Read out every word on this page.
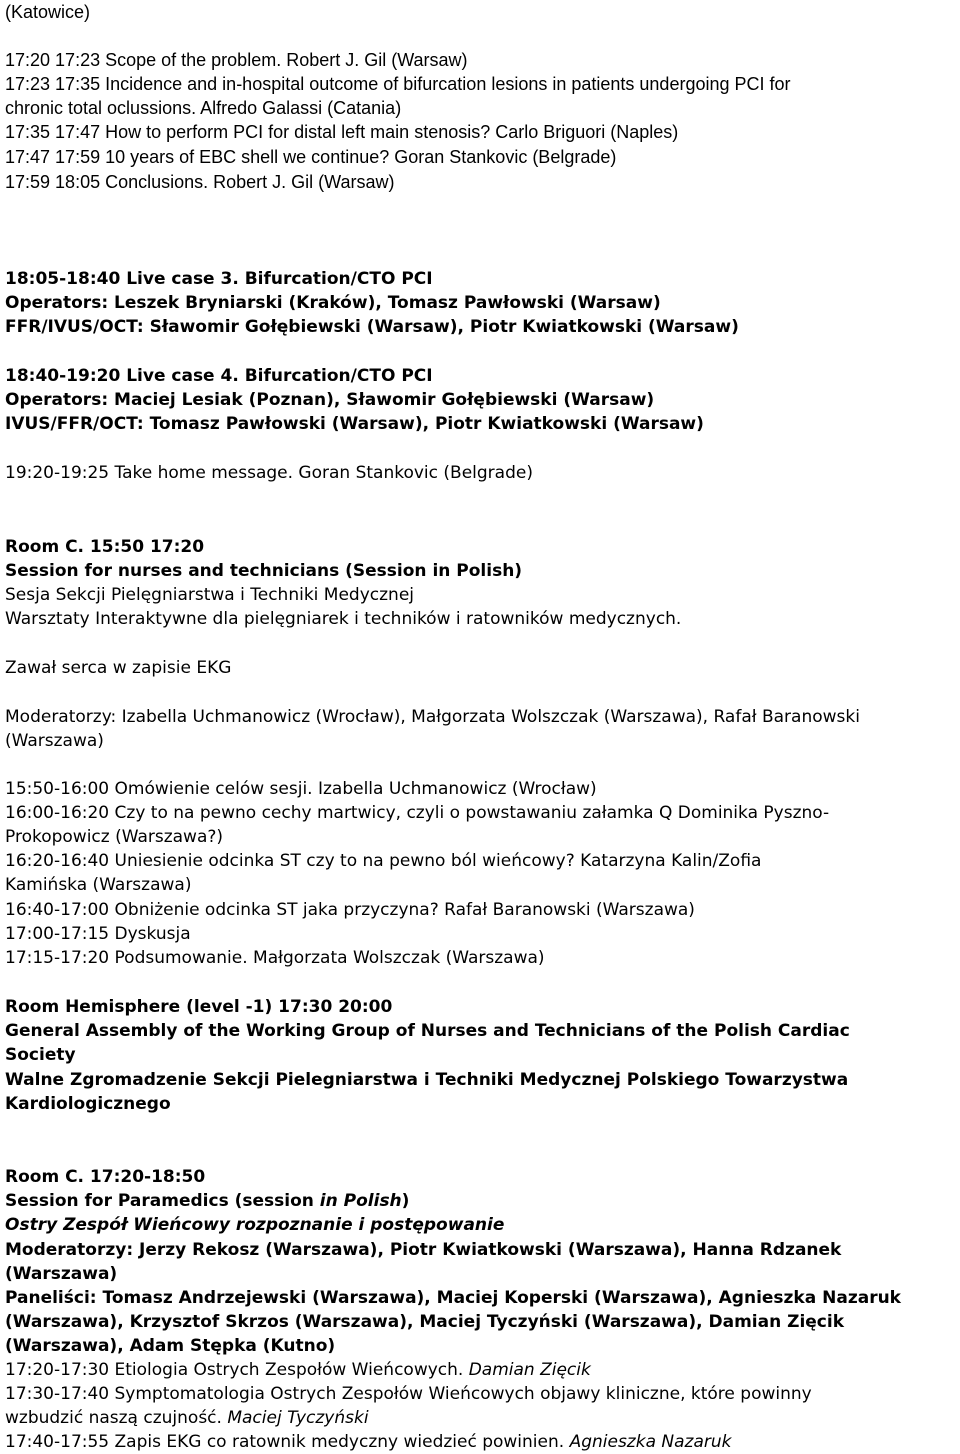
(Katowice)
17:20 17:23 Scope of the problem. Robert J. Gil (Warsaw)
17:23 17:35 Incidence and in-hospital outcome of bifurcation lesions in patients undergoing PCI for
chronic total oclussions. Alfredo Galassi (Catania)
17:35 17:47 How to perform PCI for distal left main stenosis? Carlo Briguori (Naples)
17:47 17:59 10 years of EBC shell we continue? Goran Stankovic (Belgrade)
17:59 18:05 Conclusions. Robert J. Gil (Warsaw)
18:05-18:40 Live case 3. Bifurcation/CTO PCI
Operators: Leszek Bryniarski (Kraków), Tomasz Pawłowski (Warsaw)
FFR/IVUS/OCT: Sławomir Gołębiewski (Warsaw), Piotr Kwiatkowski (Warsaw)
18:40-19:20 Live case 4. Bifurcation/CTO PCI
Operators: Maciej Lesiak (Poznan), Sławomir Gołębiewski (Warsaw)
IVUS/FFR/OCT: Tomasz Pawłowski (Warsaw), Piotr Kwiatkowski (Warsaw)
19:20-19:25 Take home message. Goran Stankovic (Belgrade)
Room C. 15:50 17:20
Session for nurses and technicians (Session in Polish)
Sesja Sekcji Pielęgniarstwa i Techniki Medycznej
Warsztaty Interaktywne dla pielęgniarek i techników i ratowników medycznych.
Zawał serca w zapisie EKG
Moderatorzy: Izabella Uchmanowicz (Wrocław), Małgorzata Wolszczak (Warszawa), Rafał Baranowski
(Warszawa)
15:50-16:00 Omówienie celów sesji. Izabella Uchmanowicz (Wrocław)
16:00-16:20 Czy to na pewno cechy martwicy, czyli o powstawaniu załamka Q Dominika Pyszno-
Prokopowicz (Warszawa?)
16:20-16:40 Uniesienie odcinka ST czy to na pewno ból wieńcowy? Katarzyna Kalin/Zofia
Kamińska (Warszawa)
16:40-17:00 Obniżenie odcinka ST jaka przyczyna? Rafał Baranowski (Warszawa)
17:00-17:15 Dyskusja
17:15-17:20 Podsumowanie. Małgorzata Wolszczak (Warszawa)
Room Hemisphere (level -1) 17:30 20:00
General Assembly of the Working Group of Nurses and Technicians of the Polish Cardiac
Society
Walne Zgromadzenie Sekcji Pielegniarstwa i Techniki Medycznej Polskiego Towarzystwa
Kardiologicznego
Room C. 17:20-18:50
Session for Paramedics (session in Polish)
Ostry Zespół Wieńcowy rozpoznanie i postępowanie
Moderatorzy: Jerzy Rekosz (Warszawa), Piotr Kwiatkowski (Warszawa), Hanna Rdzanek
(Warszawa)
Paneliści: Tomasz Andrzejewski (Warszawa), Maciej Koperski (Warszawa), Agnieszka Nazaruk
(Warszawa), Krzysztof Skrzos (Warszawa), Maciej Tyczyński (Warszawa), Damian Zięcik
(Warszawa), Adam Stępka (Kutno)
17:20-17:30 Etiologia Ostrych Zespołów Wieńcowych. Damian Zięcik
17:30-17:40 Symptomatologia Ostrych Zespołów Wieńcowych objawy kliniczne, które powinny
wzbudzić naszą czujność. Maciej Tyczyński
17:40-17:55 Zapis EKG co ratownik medyczny wiedzieć powinien. Agnieszka Nazaruk
